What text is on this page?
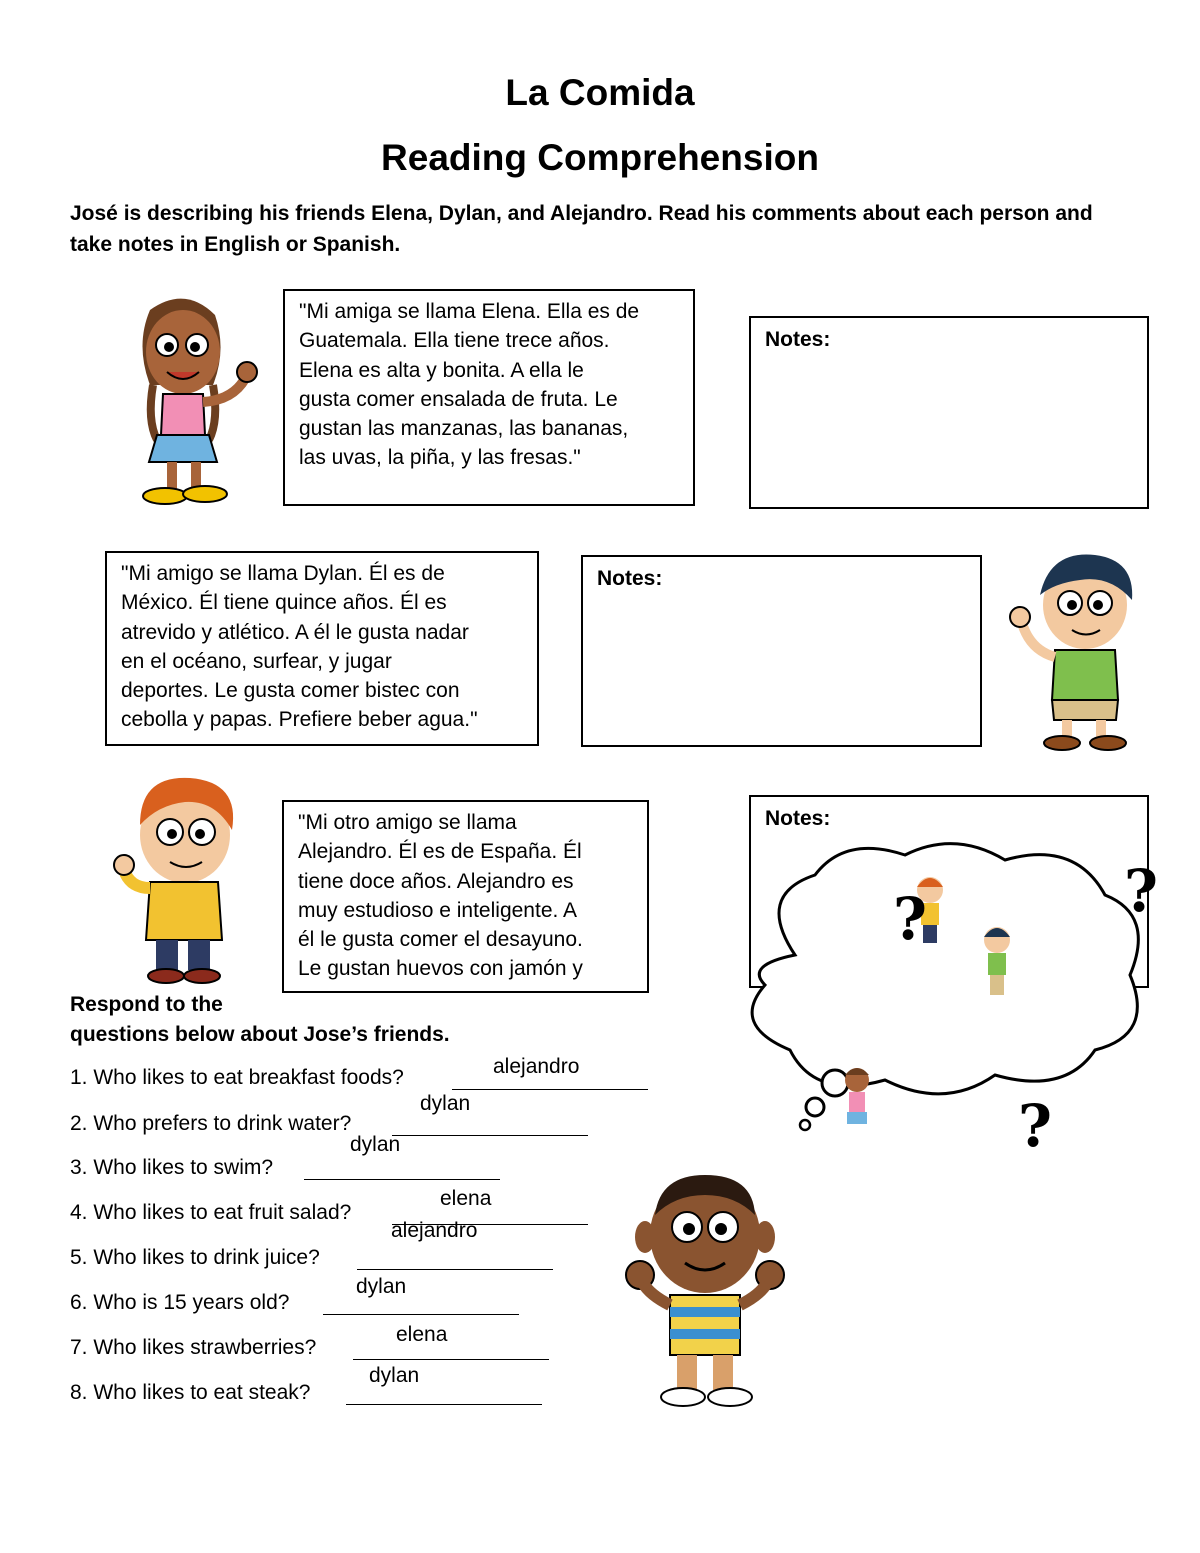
La Comida
Reading Comprehension
José is describing his friends Elena, Dylan, and Alejandro. Read his comments about each person and take notes in English or Spanish.

"Mi amiga se llama Elena. Ella es de

Guatemala. Ella tiene trece años.

Elena es alta y bonita. A ella le

gusta comer ensalada de fruta. Le

gustan las manzanas, las bananas,

las uvas, la piña, y las fresas."

Notes:

"Mi amigo se llama Dylan. Él es de

México. Él tiene quince años. Él es

atrevido y atlético. A él le gusta nadar

en el océano, surfear, y jugar

deportes. Le gusta comer bistec con

cebolla y papas. Prefiere beber agua."

Notes:

"Mi otro amigo se llama

Alejandro. Él es de España. Él

tiene doce años. Alejandro es

muy estudioso e inteligente. A

él le gusta comer el desayuno.

Le gustan huevos con jamón y

Notes:
?	?
?
Respond to the
questions below about Jose’s friends.
1. Who likes to eat breakfast foods?	alejandro
2. Who prefers to drink water?
dylan
3. Who likes to swim?
dylan
4. Who likes to eat fruit salad?
elena
5. Who likes to drink juice?
alejandro
6. Who is 15 years old?
dylan
7. Who likes strawberries?
elena
8. Who likes to eat steak?
dylan
